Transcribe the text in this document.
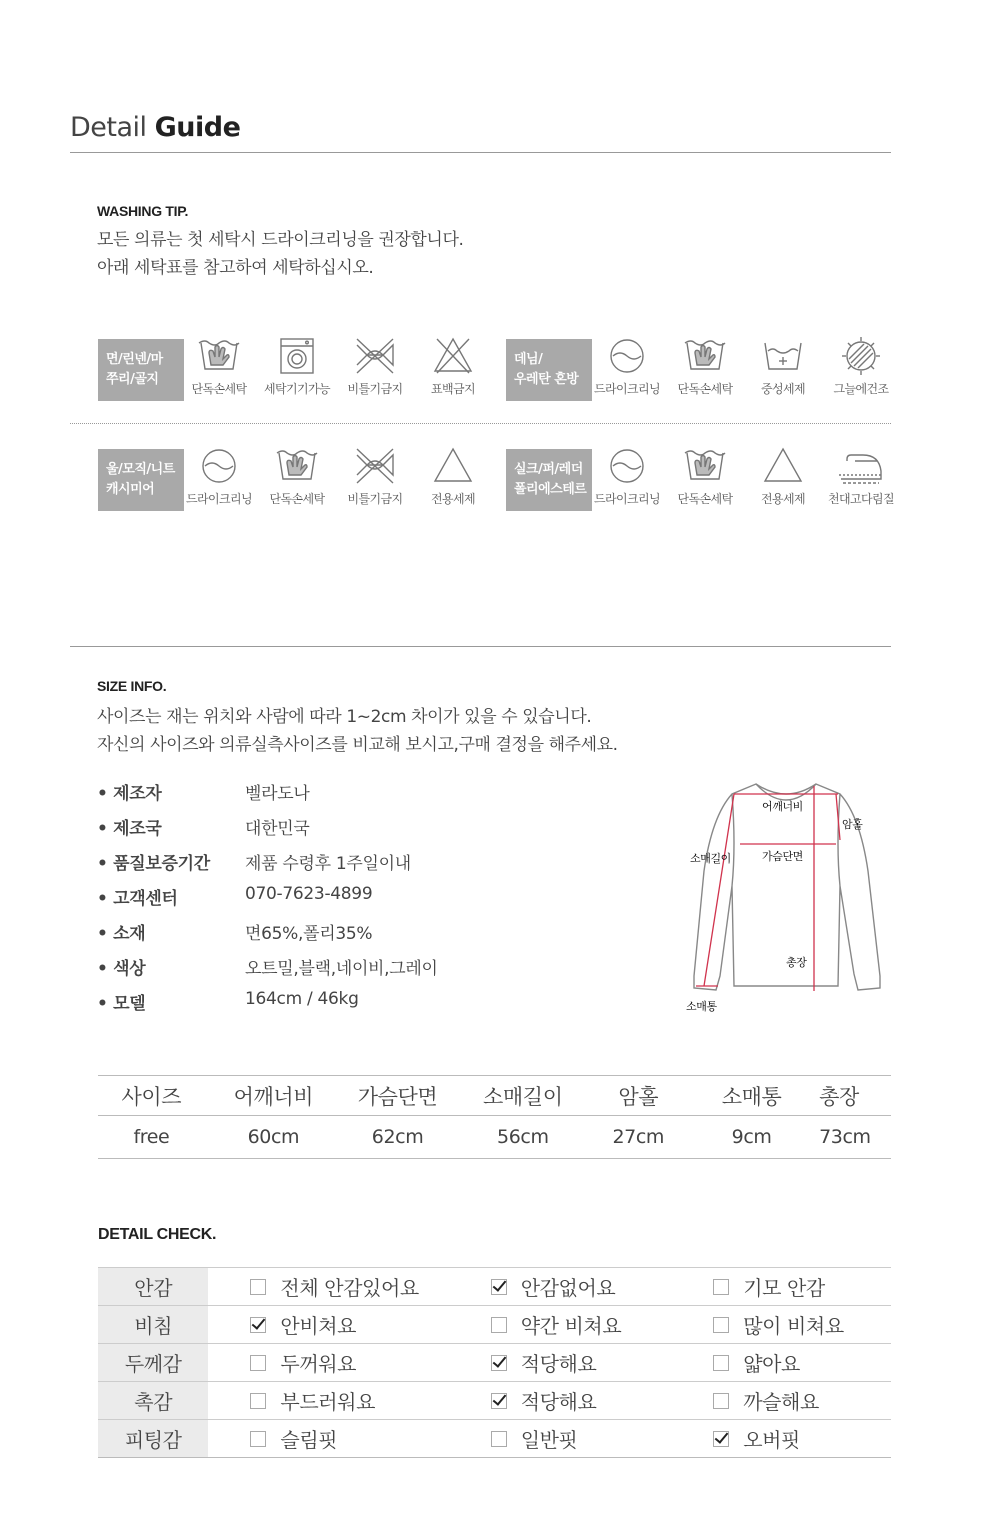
Detail Guide
WASHING TIP.
모든 의류는 첫 세탁시 드라이크리닝을 권장합니다.
아래 세탁표를 참고하여 세탁하십시오.
면/린넨/마
쭈리/골지
단독손세탁	세탁기기가능	비틀기금지	표백금지
데님/
우레탄 혼방
드라이크리닝	단독손세탁	중성세제	그늘에건조
울/모직/니트
캐시미어
드라이크리닝	단독손세탁	비틀기금지	전용세제
실크/퍼/레더
폴리에스테르
드라이크리닝	단독손세탁	전용세제	천대고다림질
SIZE INFO.
사이즈는 재는 위치와 사람에 따라 1~2cm 차이가 있을 수 있습니다.
자신의 사이즈와 의류실측사이즈를 비교해 보시고,구매 결정을 해주세요.
• 제조자	벨라도나
• 제조국	대한민국
• 품질보증기간	제품 수령후 1주일이내
• 고객센터	070-7623-4899
• 소재	면65%,폴리35%
• 색상	오트밀,블랙,네이비,그레이
• 모델	164cm / 46kg
어깨너비
암홀
소매길이	가슴단면
총장
소매통
사이즈	어깨너비	가슴단면	소매길이	암홀	소매통	총장
free	60cm	62cm	56cm	27cm	9cm	73cm
DETAIL CHECK.
안감	전체 안감있어요	안감없어요	기모 안감

비침	안비쳐요	약간 비쳐요	많이 비쳐요

두께감	두꺼워요	적당해요	얇아요

촉감	부드러워요	적당해요	까슬해요

피팅감	슬림핏	일반핏	오버핏
